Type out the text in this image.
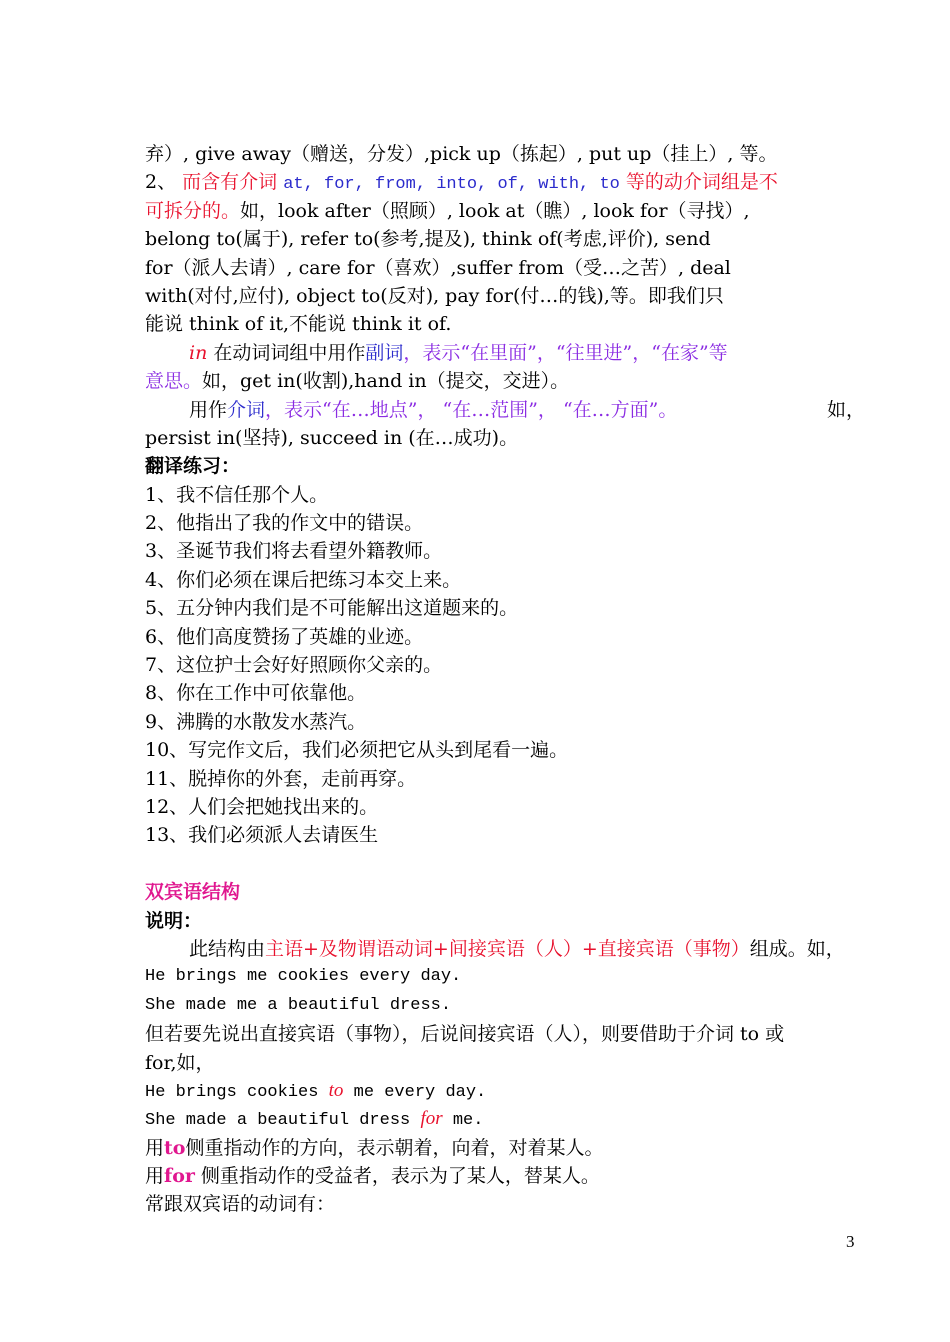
弃）, give away（赠送，分发）,pick up（拣起）, put up（挂上）, 等。
2、 而含有介词 at, for, from, into, of, with, to 等的动介词组是不
可拆分的。如，look after（照顾）, look at（瞧）, look for（寻找）,
belong to(属于), refer to(参考,提及), think of(考虑,评价), send
for（派人去请）, care for（喜欢）,suffer from（受…之苦）, deal
with(对付,应付), object to(反对), pay for(付…的钱),等。即我们只
能说 think of it,不能说 think it of.
in 在动词词组中用作副词，表示“在里面”，“往里进”，“在家”等
意思。如，get in(收割),hand in（提交，交进）。
用作介词，表示“在…地点”， “在…范围”， “在…方面”。	如，
persist in(坚持), succeed in (在…成功)。
翻译练习：
1、我不信任那个人。
2、他指出了我的作文中的错误。
3、圣诞节我们将去看望外籍教师。
4、你们必须在课后把练习本交上来。
5、五分钟内我们是不可能解出这道题来的。
6、他们高度赞扬了英雄的业迹。
7、这位护士会好好照顾你父亲的。
8、你在工作中可依靠他。
9、沸腾的水散发水蒸汽。
10、写完作文后，我们必须把它从头到尾看一遍。
11、脱掉你的外套，走前再穿。
12、人们会把她找出来的。
13、我们必须派人去请医生
双宾语结构
说明：
此结构由主语+及物谓语动词+间接宾语（人）+直接宾语（事物）组成。如，
He brings me cookies every day.
She made me a beautiful dress.
但若要先说出直接宾语（事物），后说间接宾语（人），则要借助于介词 to 或
for,如，
He brings cookies to me every day.
She made a beautiful dress for me.
用to侧重指动作的方向，表示朝着，向着，对着某人。
用for 侧重指动作的受益者，表示为了某人，替某人。
常跟双宾语的动词有：
3
